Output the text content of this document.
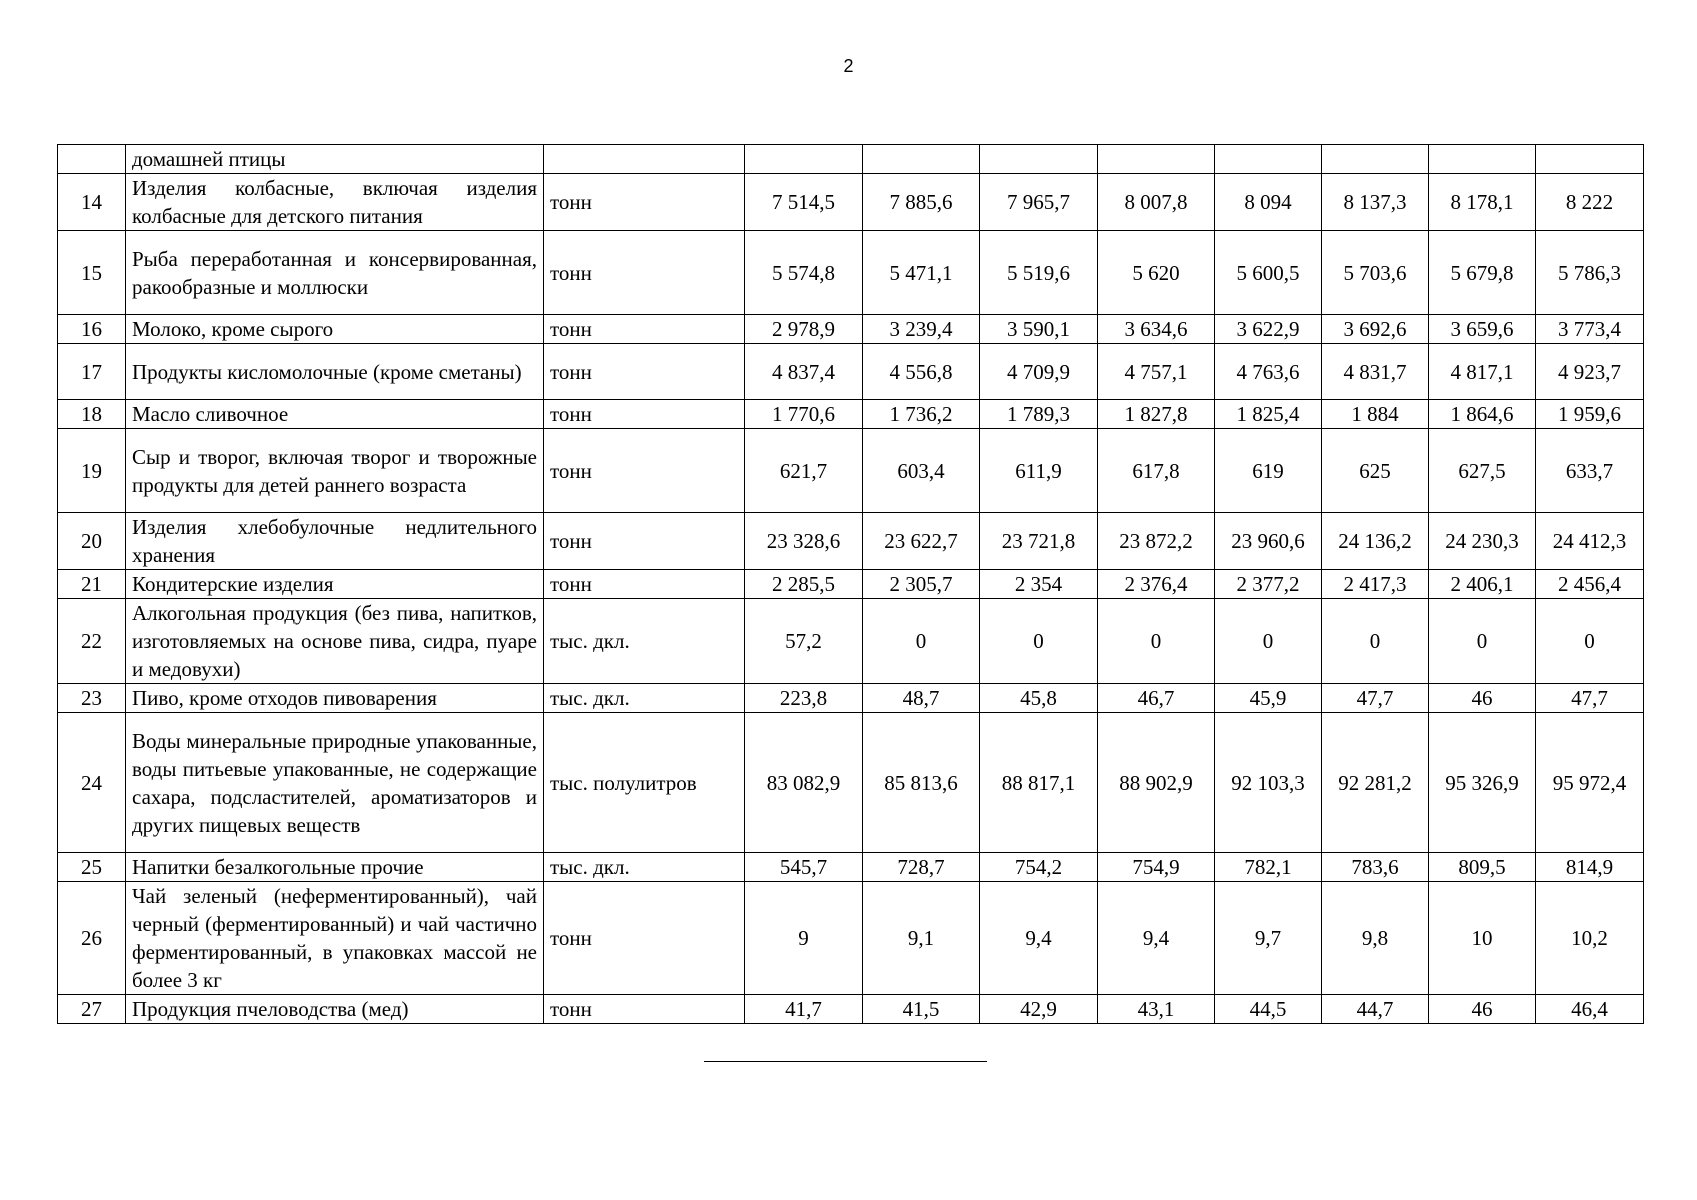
2
	домашней птицы									
14	Изделия колбасные, включая изделия колбасные для детского питания	тонн	7 514,5	7 885,6	7 965,7	8 007,8	8 094	8 137,3	8 178,1	8 222
15	Рыба переработанная и консервированная, ракообразные и моллюски	тонн	5 574,8	5 471,1	5 519,6	5 620	5 600,5	5 703,6	5 679,8	5 786,3
16	Молоко, кроме сырого	тонн	2 978,9	3 239,4	3 590,1	3 634,6	3 622,9	3 692,6	3 659,6	3 773,4
17	Продукты кисломолочные (кроме сметаны)	тонн	4 837,4	4 556,8	4 709,9	4 757,1	4 763,6	4 831,7	4 817,1	4 923,7
18	Масло сливочное	тонн	1 770,6	1 736,2	1 789,3	1 827,8	1 825,4	1 884	1 864,6	1 959,6
19	Сыр и творог, включая творог и творожные продукты для детей раннего возраста	тонн	621,7	603,4	611,9	617,8	619	625	627,5	633,7
20	Изделия хлебобулочные недлительного хранения	тонн	23 328,6	23 622,7	23 721,8	23 872,2	23 960,6	24 136,2	24 230,3	24 412,3
21	Кондитерские изделия	тонн	2 285,5	2 305,7	2 354	2 376,4	2 377,2	2 417,3	2 406,1	2 456,4
22	Алкогольная продукция (без пива, напитков, изготовляемых на основе пива, сидра, пуаре и медовухи)	тыс. дкл.	57,2	0	0	0	0	0	0	0
23	Пиво, кроме отходов пивоварения	тыс. дкл.	223,8	48,7	45,8	46,7	45,9	47,7	46	47,7
24	Воды минеральные природные упакованные, воды питьевые упакованные, не содержащие сахара, подсластителей, ароматизаторов и других пищевых веществ	тыс. полулитров	83 082,9	85 813,6	88 817,1	88 902,9	92 103,3	92 281,2	95 326,9	95 972,4
25	Напитки безалкогольные прочие	тыс. дкл.	545,7	728,7	754,2	754,9	782,1	783,6	809,5	814,9
26	Чай зеленый (неферментированный), чай черный (ферментированный) и чай частично ферментированный, в упаковках массой не более 3 кг	тонн	9	9,1	9,4	9,4	9,7	9,8	10	10,2
27	Продукция пчеловодства (мед)	тонн	41,7	41,5	42,9	43,1	44,5	44,7	46	46,4
